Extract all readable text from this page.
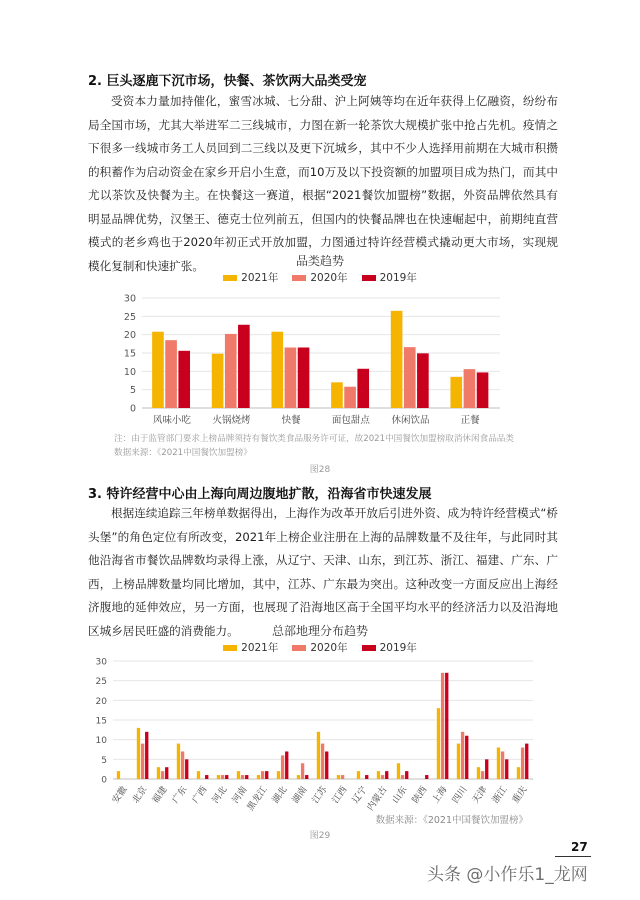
2. 巨头逐鹿下沉市场，快餐、茶饮两大品类受宠

受资本力量加持催化，蜜雪冰城、七分甜、沪上阿姨等均在近年获得上亿融资，纷纷布局全国市场，尤其大举进军二三线城市，力图在新一轮茶饮大规模扩张中抢占先机。疫情之下很多一线城市务工人员回到二三线以及更下沉城乡，其中不少人选择用前期在大城市积攒的积蓄作为启动资金在家乡开启小生意，而10万及以下投资额的加盟项目成为热门，而其中尤以茶饮及快餐为主。在快餐这一赛道，根据“2021餐饮加盟榜”数据，外资品牌依然具有明显品牌优势，汉堡王、德克士位列前五，但国内的快餐品牌也在快速崛起中，前期纯直营模式的老乡鸡也于2020年初正式开放加盟，力图通过特许经营模式撬动更大市场，实现规模化复制和快速扩张。	品类趋势
2021年	2020年	2019年
0
5
10
15
20
25
30
风味小吃 火锅烧烤	快餐	面包甜点 休闲饮品	正餐
注：由于监管部门要求上榜品牌须持有餐饮类食品服务许可证，故2021中国餐饮加盟榜取消休闲食品品类
数据来源：《2021中国餐饮加盟榜》
图28
3. 特许经营中心由上海向周边腹地扩散，沿海省市快速发展

根据连续追踪三年榜单数据得出，上海作为改革开放后引进外资、成为特许经营模式“桥头堡”的角色定位有所改变，2021年上榜企业注册在上海的品牌数量不及往年，与此同时其他沿海省市餐饮品牌数均录得上涨，从辽宁、天津、山东，到江苏、浙江、福建、广东、广西，上榜品牌数量均同比增加，其中，江苏、广东最为突出。这种改变一方面反应出上海经济腹地的延伸效应，另一方面，也展现了沿海地区高于全国平均水平的经济活力以及沿海地区城乡居民旺盛的消费能力。	总部地理分布趋势
2021年	2020年	2019年
0
5
10
15
20
25
30
安徽 北京 福建 广东 广西 河北 河南
黑龙江 湖北 湖南 江苏 江西 辽宁
内蒙古 山东 陕西 上海 四川 天津 浙江 重庆
数据来源：《2021中国餐饮加盟榜》
图29
27
头条 @小作乐1_龙网
